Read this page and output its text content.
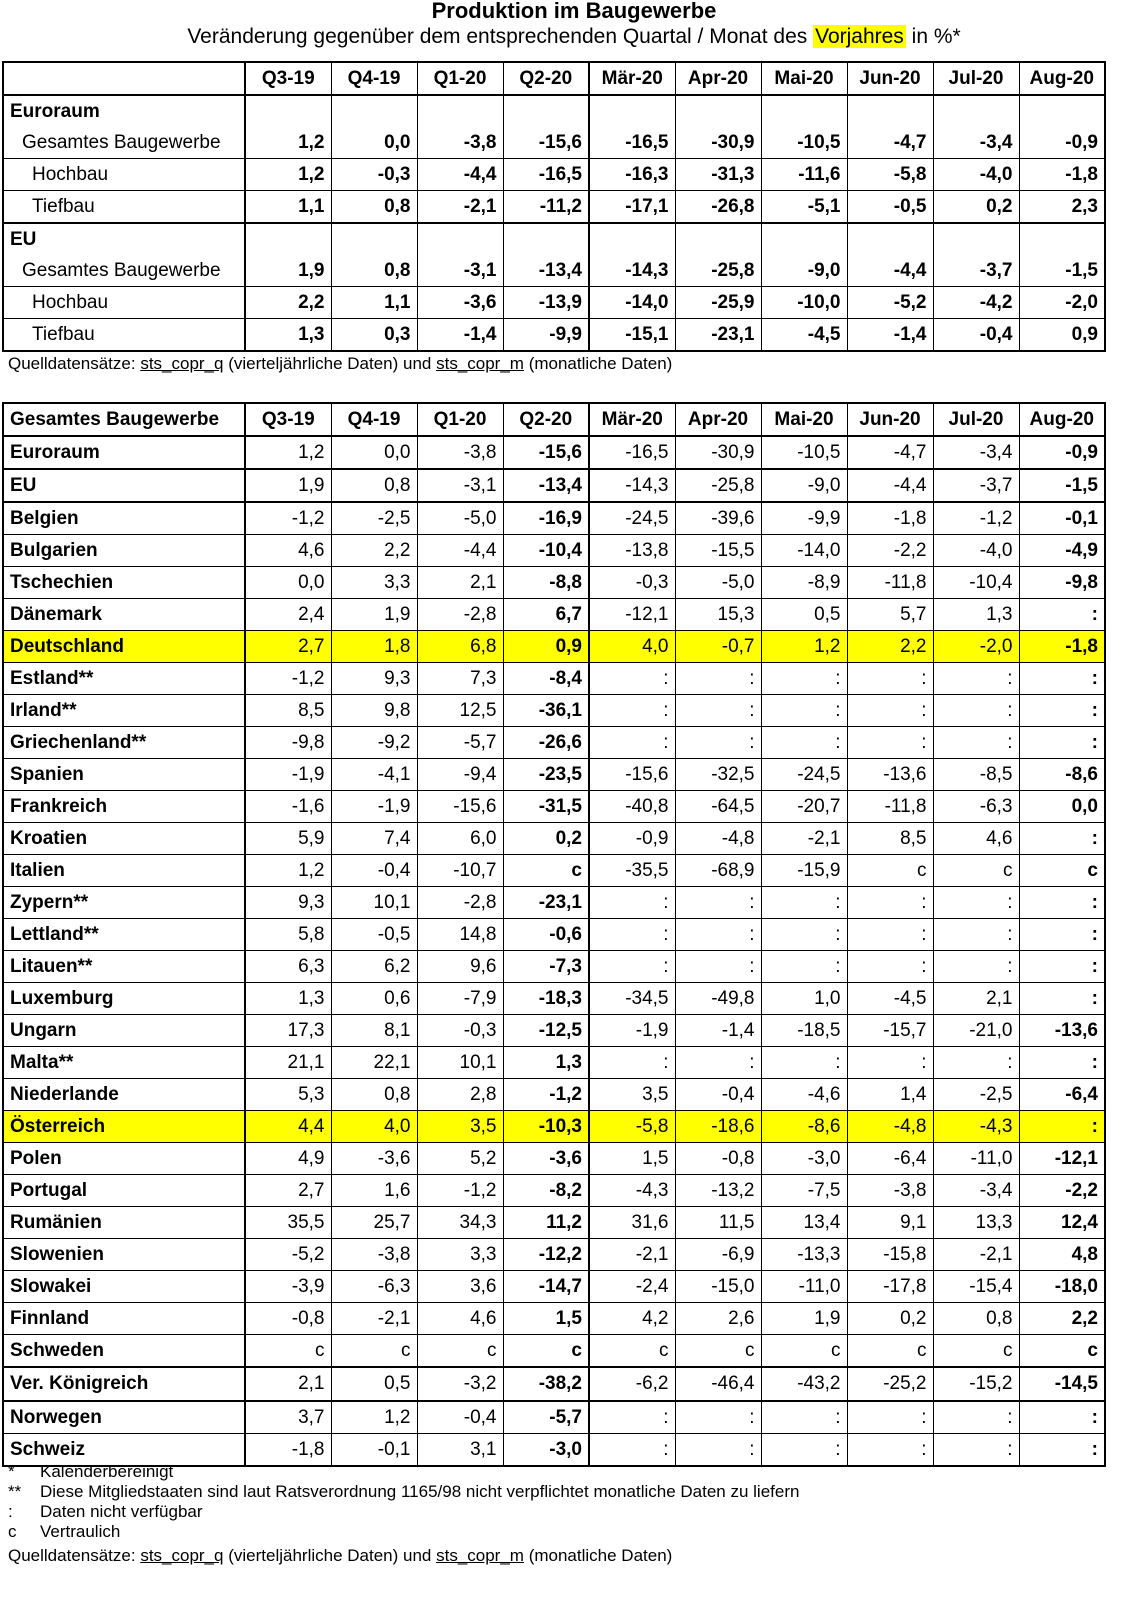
Produktion im Baugewerbe
Veränderung gegenüber dem entsprechenden Quartal / Monat des Vorjahres in %*
	Q3-19	Q4-19	Q1-20	Q2-20	Mär-20	Apr-20	Mai-20	Jun-20	Jul-20	Aug-20
Euroraum										
Gesamtes Baugewerbe	1,2	0,0	-3,8	-15,6	-16,5	-30,9	-10,5	-4,7	-3,4	-0,9
Hochbau	1,2	-0,3	-4,4	-16,5	-16,3	-31,3	-11,6	-5,8	-4,0	-1,8
Tiefbau	1,1	0,8	-2,1	-11,2	-17,1	-26,8	-5,1	-0,5	0,2	2,3
EU										
Gesamtes Baugewerbe	1,9	0,8	-3,1	-13,4	-14,3	-25,8	-9,0	-4,4	-3,7	-1,5
Hochbau	2,2	1,1	-3,6	-13,9	-14,0	-25,9	-10,0	-5,2	-4,2	-2,0
Tiefbau	1,3	0,3	-1,4	-9,9	-15,1	-23,1	-4,5	-1,4	-0,4	0,9
Quelldatensätze: sts_copr_q (vierteljährliche Daten) und sts_copr_m (monatliche Daten)
Gesamtes Baugewerbe	Q3-19	Q4-19	Q1-20	Q2-20	Mär-20	Apr-20	Mai-20	Jun-20	Jul-20	Aug-20
Euroraum	1,2	0,0	-3,8	-15,6	-16,5	-30,9	-10,5	-4,7	-3,4	-0,9
EU	1,9	0,8	-3,1	-13,4	-14,3	-25,8	-9,0	-4,4	-3,7	-1,5
Belgien	-1,2	-2,5	-5,0	-16,9	-24,5	-39,6	-9,9	-1,8	-1,2	-0,1
Bulgarien	4,6	2,2	-4,4	-10,4	-13,8	-15,5	-14,0	-2,2	-4,0	-4,9
Tschechien	0,0	3,3	2,1	-8,8	-0,3	-5,0	-8,9	-11,8	-10,4	-9,8
Dänemark	2,4	1,9	-2,8	6,7	-12,1	15,3	0,5	5,7	1,3	:
Deutschland	2,7	1,8	6,8	0,9	4,0	-0,7	1,2	2,2	-2,0	-1,8
Estland**	-1,2	9,3	7,3	-8,4	:	:	:	:	:	:
Irland**	8,5	9,8	12,5	-36,1	:	:	:	:	:	:
Griechenland**	-9,8	-9,2	-5,7	-26,6	:	:	:	:	:	:
Spanien	-1,9	-4,1	-9,4	-23,5	-15,6	-32,5	-24,5	-13,6	-8,5	-8,6
Frankreich	-1,6	-1,9	-15,6	-31,5	-40,8	-64,5	-20,7	-11,8	-6,3	0,0
Kroatien	5,9	7,4	6,0	0,2	-0,9	-4,8	-2,1	8,5	4,6	:
Italien	1,2	-0,4	-10,7	c	-35,5	-68,9	-15,9	c	c	c
Zypern**	9,3	10,1	-2,8	-23,1	:	:	:	:	:	:
Lettland**	5,8	-0,5	14,8	-0,6	:	:	:	:	:	:
Litauen**	6,3	6,2	9,6	-7,3	:	:	:	:	:	:
Luxemburg	1,3	0,6	-7,9	-18,3	-34,5	-49,8	1,0	-4,5	2,1	:
Ungarn	17,3	8,1	-0,3	-12,5	-1,9	-1,4	-18,5	-15,7	-21,0	-13,6
Malta**	21,1	22,1	10,1	1,3	:	:	:	:	:	:
Niederlande	5,3	0,8	2,8	-1,2	3,5	-0,4	-4,6	1,4	-2,5	-6,4
Österreich	4,4	4,0	3,5	-10,3	-5,8	-18,6	-8,6	-4,8	-4,3	:
Polen	4,9	-3,6	5,2	-3,6	1,5	-0,8	-3,0	-6,4	-11,0	-12,1
Portugal	2,7	1,6	-1,2	-8,2	-4,3	-13,2	-7,5	-3,8	-3,4	-2,2
Rumänien	35,5	25,7	34,3	11,2	31,6	11,5	13,4	9,1	13,3	12,4
Slowenien	-5,2	-3,8	3,3	-12,2	-2,1	-6,9	-13,3	-15,8	-2,1	4,8
Slowakei	-3,9	-6,3	3,6	-14,7	-2,4	-15,0	-11,0	-17,8	-15,4	-18,0
Finnland	-0,8	-2,1	4,6	1,5	4,2	2,6	1,9	0,2	0,8	2,2
Schweden	c	c	c	c	c	c	c	c	c	c
Ver. Königreich	2,1	0,5	-3,2	-38,2	-6,2	-46,4	-43,2	-25,2	-15,2	-14,5
Norwegen	3,7	1,2	-0,4	-5,7	:	:	:	:	:	:
Schweiz	-1,8	-0,1	3,1	-3,0	:	:	:	:	:	:
* Kalenderbereinigt
** Diese Mitgliedstaaten sind laut Ratsverordnung 1165/98 nicht verpflichtet monatliche Daten zu liefern
: Daten nicht verfügbar
c Vertraulich
Quelldatensätze: sts_copr_q (vierteljährliche Daten) und sts_copr_m (monatliche Daten)
